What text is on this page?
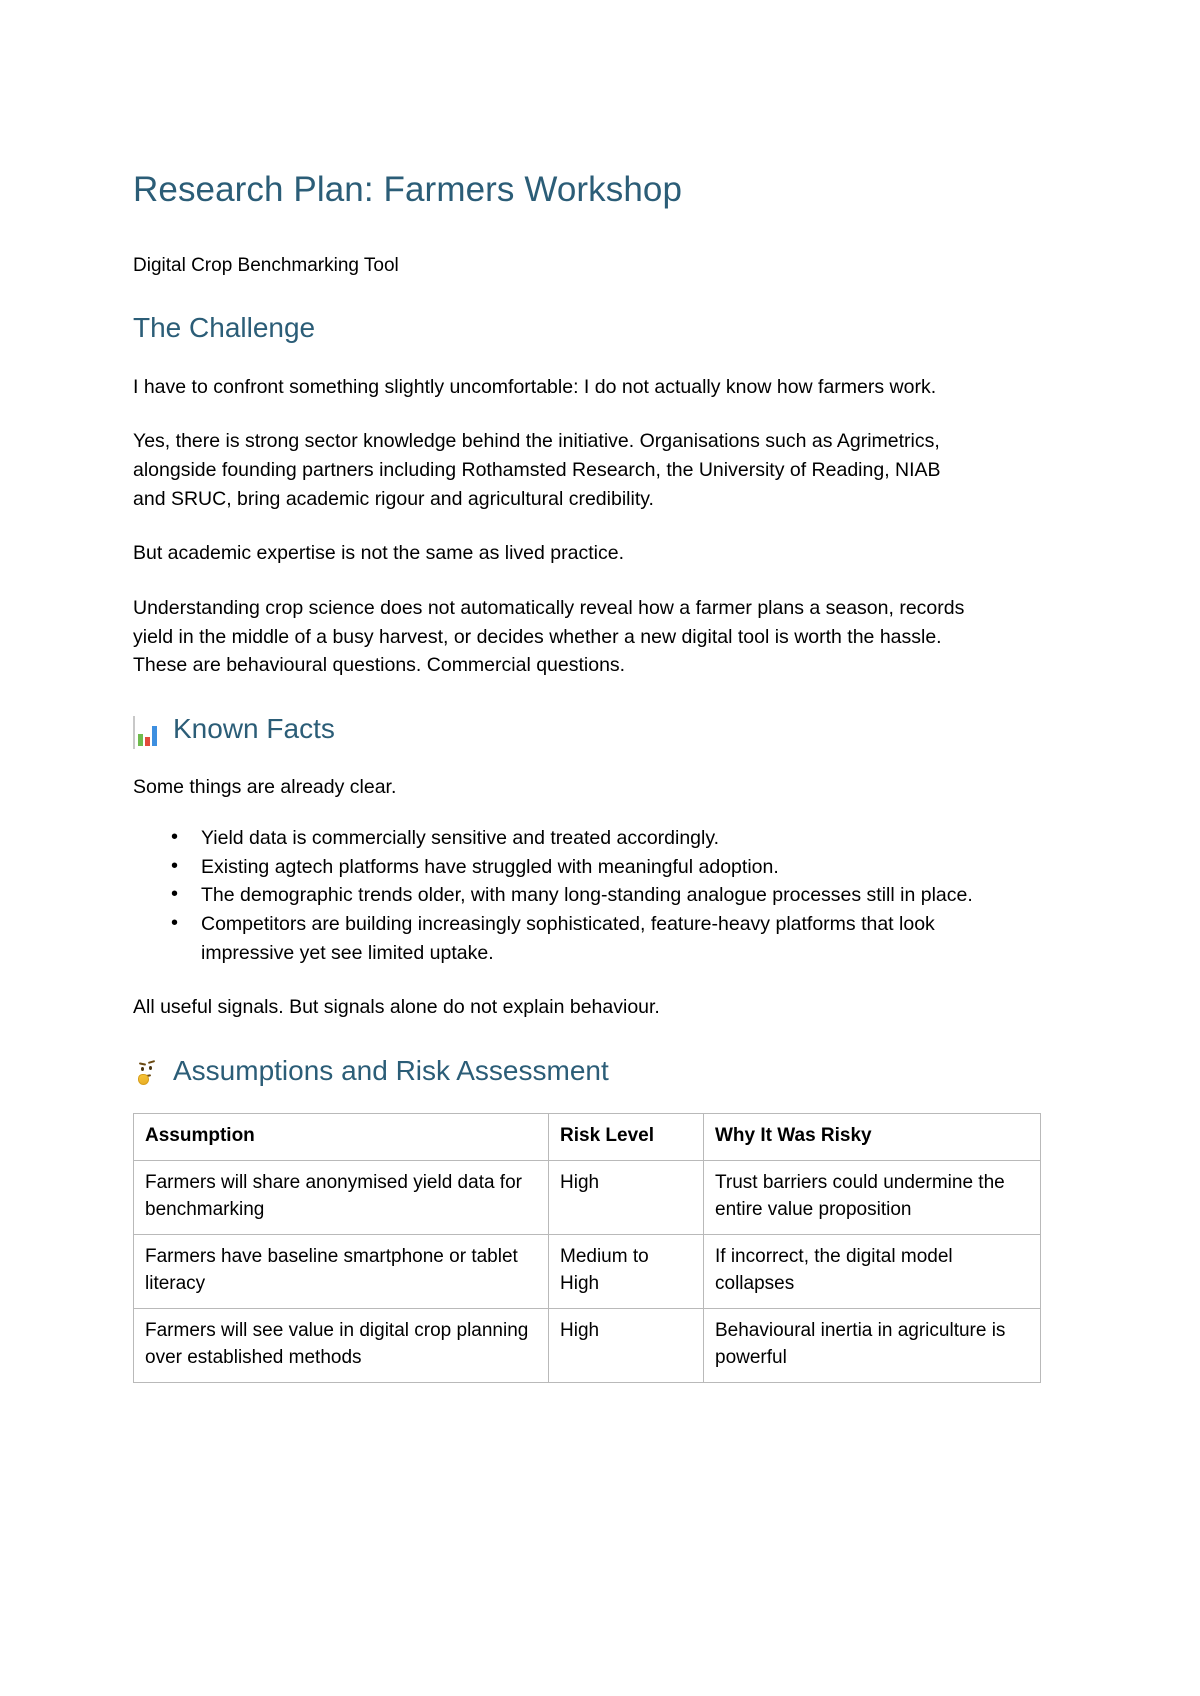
Research Plan: Farmers Workshop

Digital Crop Benchmarking Tool

The Challenge

I have to confront something slightly uncomfortable: I do not actually know how farmers work.

Yes, there is strong sector knowledge behind the initiative. Organisations such as Agrimetrics, alongside founding partners including Rothamsted Research, the University of Reading, NIAB and SRUC, bring academic rigour and agricultural credibility.

But academic expertise is not the same as lived practice.

Understanding crop science does not automatically reveal how a farmer plans a season, records yield in the middle of a busy harvest, or decides whether a new digital tool is worth the hassle. These are behavioural questions. Commercial questions.

Known Facts

Some things are already clear.

• Yield data is commercially sensitive and treated accordingly.
• Existing agtech platforms have struggled with meaningful adoption.
• The demographic trends older, with many long-standing analogue processes still in place.
• Competitors are building increasingly sophisticated, feature-heavy platforms that look impressive yet see limited uptake.

All useful signals. But signals alone do not explain behaviour.

Assumptions and Risk Assessment
Assumption	Risk Level	Why It Was Risky
Farmers will share anonymised yield data for benchmarking	High	Trust barriers could undermine the entire value proposition
Farmers have baseline smartphone or tablet literacy	Medium to High	If incorrect, the digital model collapses
Farmers will see value in digital crop planning over established methods	High	Behavioural inertia in agriculture is powerful
